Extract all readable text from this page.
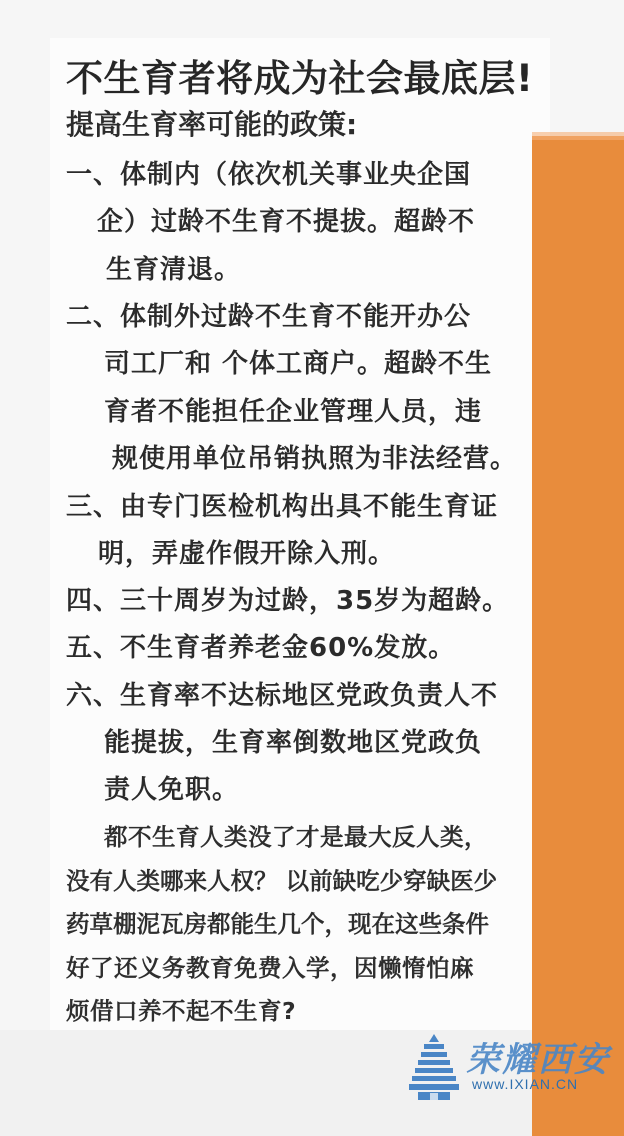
不生育者将成为社会最底层!
提高生育率可能的政策:
一、体制内（依次机关事业央企国
企）过龄不生育不提拔。超龄不
生育清退。
二、体制外过龄不生育不能开办公
司工厂和 个体工商户。超龄不生
育者不能担任企业管理人员，违
规使用单位吊销执照为非法经营。
三、由专门医检机构出具不能生育证
明，弄虚作假开除入刑。
四、三十周岁为过龄，35岁为超龄。
五、不生育者养老金60%发放。
六、生育率不达标地区党政负责人不
能提拔，生育率倒数地区党政负
责人免职。
都不生育人类没了才是最大反人类，
没有人类哪来人权？ 以前缺吃少穿缺医少
药草棚泥瓦房都能生几个，现在这些条件
好了还义务教育免费入学，因懒惰怕麻
烦借口养不起不生育?
荣耀西安
www.IXIAN.CN
